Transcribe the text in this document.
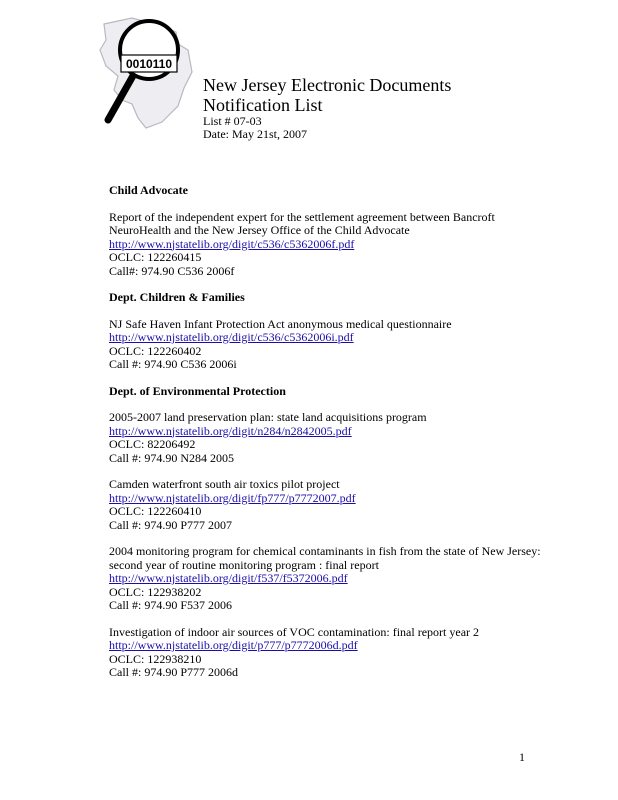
0010110
New Jersey Electronic Documents
Notification List
List # 07-03
Date: May 21st, 2007
Child Advocate
Report of the independent expert for the settlement agreement between Bancroft NeuroHealth and the New Jersey Office of the Child Advocate
http://www.njstatelib.org/digit/c536/c5362006f.pdf
OCLC: 122260415
Call#: 974.90 C536 2006f
Dept. Children & Families
NJ Safe Haven Infant Protection Act anonymous medical questionnaire
http://www.njstatelib.org/digit/c536/c5362006i.pdf
OCLC: 122260402
Call #: 974.90 C536 2006i
Dept. of Environmental Protection
2005-2007 land preservation plan: state land acquisitions program
http://www.njstatelib.org/digit/n284/n2842005.pdf
OCLC: 82206492
Call #: 974.90 N284 2005
Camden waterfront south air toxics pilot project
http://www.njstatelib.org/digit/fp777/p7772007.pdf
OCLC: 122260410
Call #: 974.90 P777 2007
2004 monitoring program for chemical contaminants in fish from the state of New Jersey: second year of routine monitoring program : final report
http://www.njstatelib.org/digit/f537/f5372006.pdf
OCLC: 122938202
Call #: 974.90 F537 2006
Investigation of indoor air sources of VOC contamination: final report year 2
http://www.njstatelib.org/digit/p777/p7772006d.pdf
OCLC: 122938210
Call #: 974.90 P777 2006d
1
